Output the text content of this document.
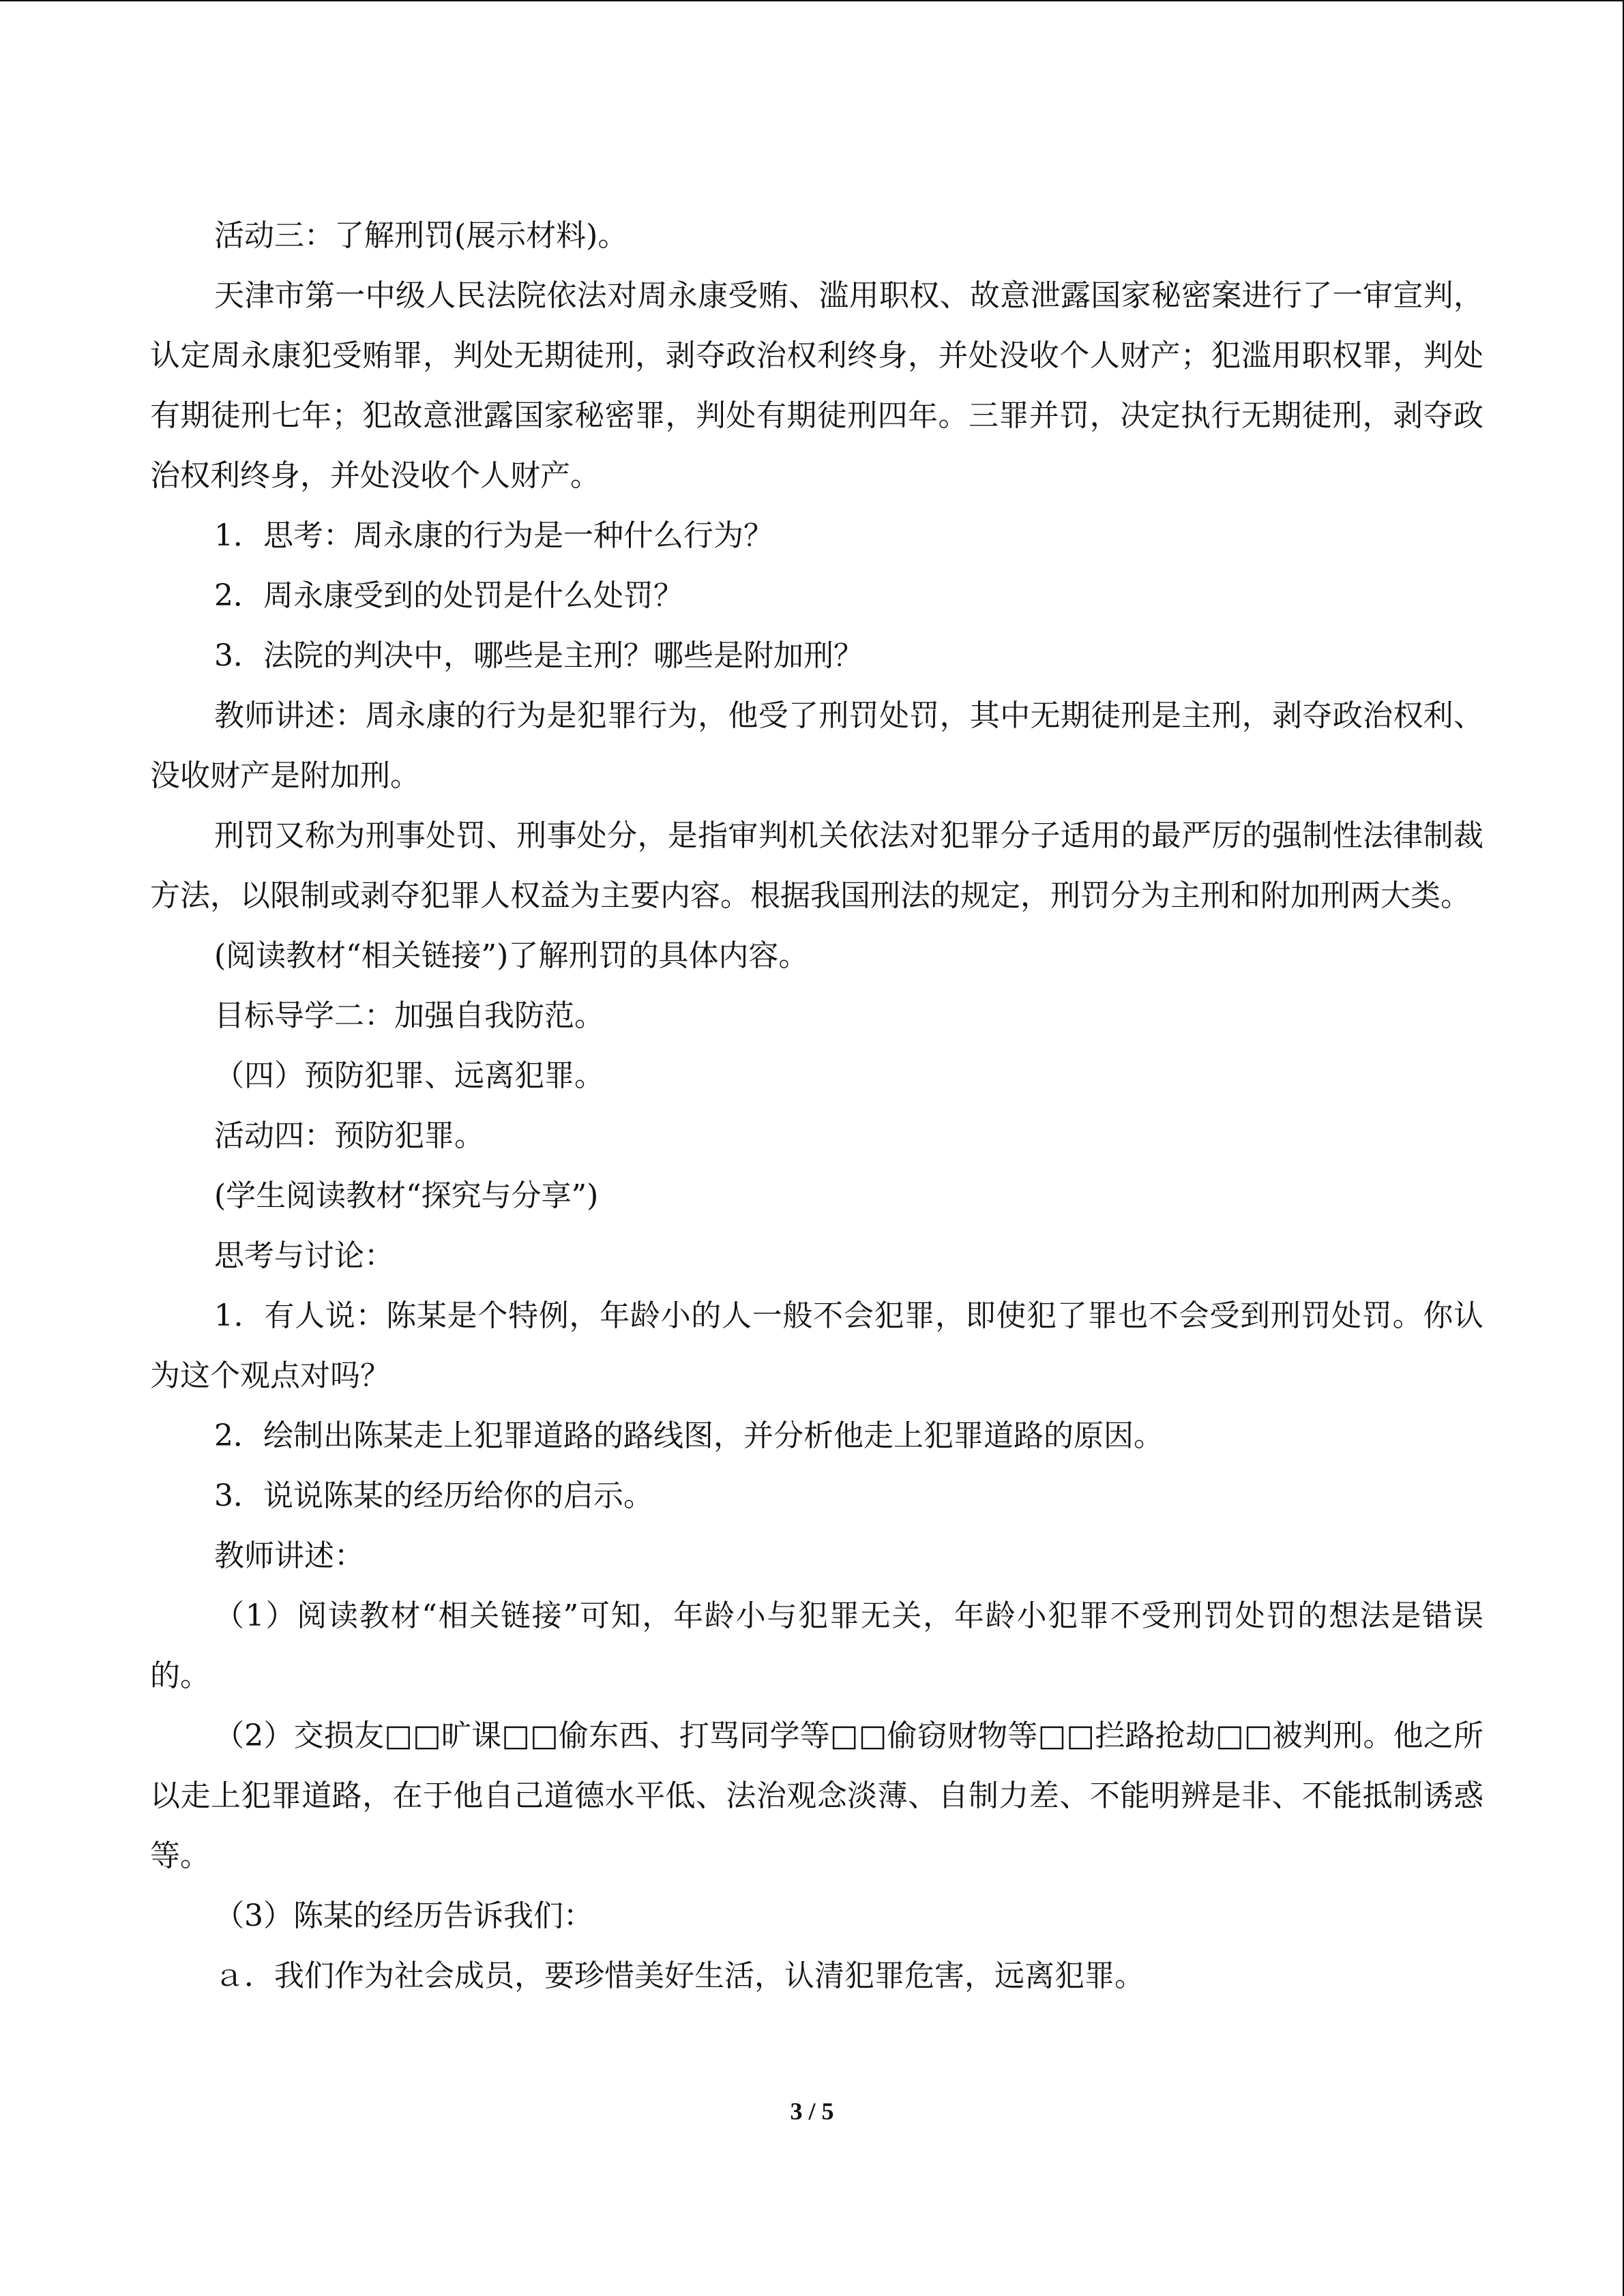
活动三：了解刑罚(展示材料)。

天津市第一中级人民法院依法对周永康受贿、滥用职权、故意泄露国家秘密案进行了一审宣判，认定周永康犯受贿罪，判处无期徒刑，剥夺政治权利终身，并处没收个人财产；犯滥用职权罪，判处有期徒刑七年；犯故意泄露国家秘密罪，判处有期徒刑四年。三罪并罚，决定执行无期徒刑，剥夺政治权利终身，并处没收个人财产。

1．思考：周永康的行为是一种什么行为？

2．周永康受到的处罚是什么处罚？

3．法院的判决中，哪些是主刑？哪些是附加刑？

教师讲述：周永康的行为是犯罪行为，他受了刑罚处罚，其中无期徒刑是主刑，剥夺政治权利、没收财产是附加刑。

刑罚又称为刑事处罚、刑事处分，是指审判机关依法对犯罪分子适用的最严厉的强制性法律制裁方法，以限制或剥夺犯罪人权益为主要内容。根据我国刑法的规定，刑罚分为主刑和附加刑两大类。

(阅读教材“相关链接”)了解刑罚的具体内容。

目标导学二：加强自我防范。

（四）预防犯罪、远离犯罪。

活动四：预防犯罪。

(学生阅读教材“探究与分享”)

思考与讨论：

1．有人说：陈某是个特例，年龄小的人一般不会犯罪，即使犯了罪也不会受到刑罚处罚。你认为这个观点对吗？

2．绘制出陈某走上犯罪道路的路线图，并分析他走上犯罪道路的原因。

3．说说陈某的经历给你的启示。

教师讲述：

（1）阅读教材“相关链接”可知，年龄小与犯罪无关，年龄小犯罪不受刑罚处罚的想法是错误的。

（2）交损友□□旷课□□偷东西、打骂同学等□□偷窃财物等□□拦路抢劫□□被判刑。他之所以走上犯罪道路，在于他自己道德水平低、法治观念淡薄、自制力差、不能明辨是非、不能抵制诱惑等。

（3）陈某的经历告诉我们：

ａ．我们作为社会成员，要珍惜美好生活，认清犯罪危害，远离犯罪。

3 / 5
